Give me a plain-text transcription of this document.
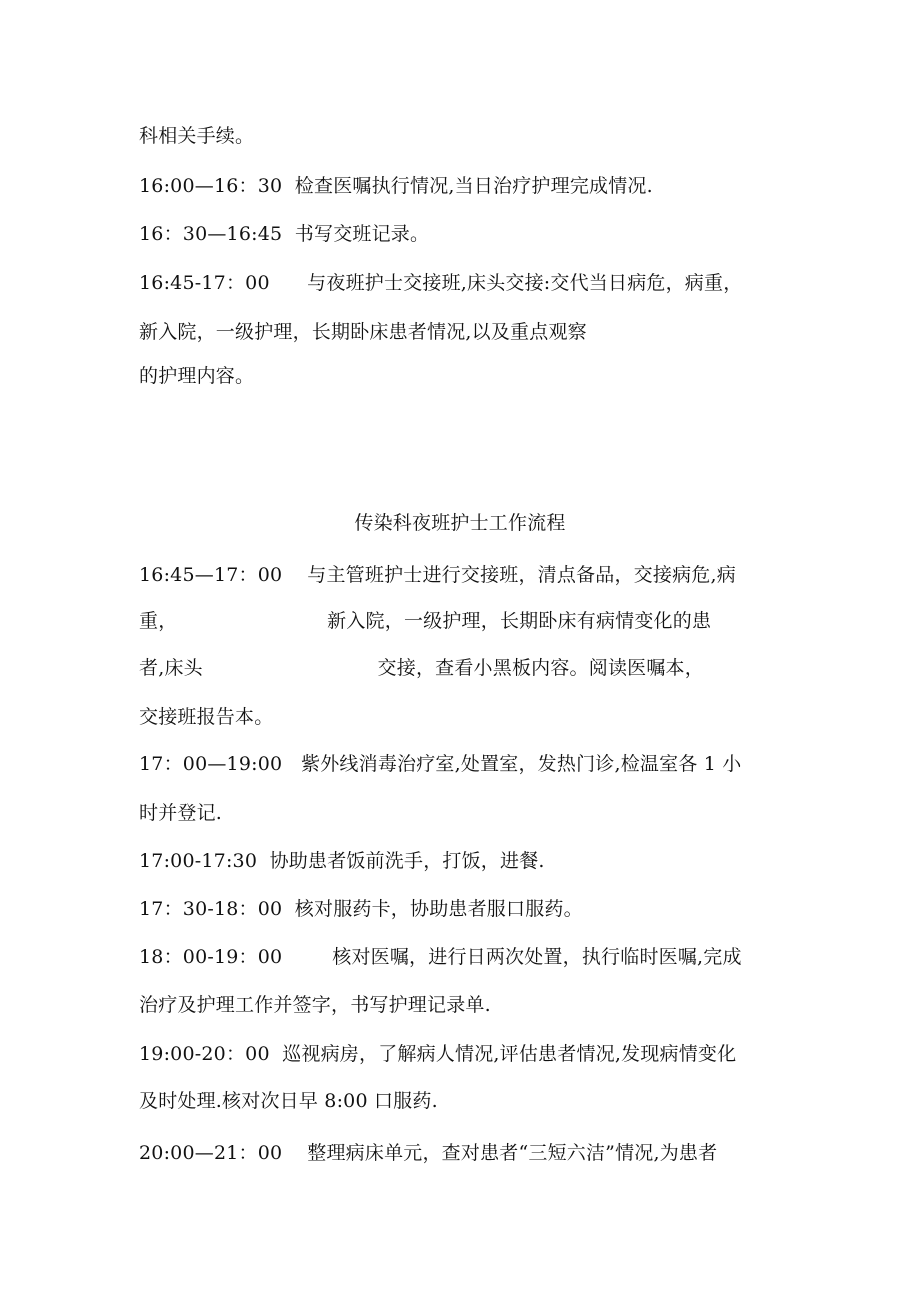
科相关手续。
16:00—16：30  检查医嘱执行情况,当日治疗护理完成情况.
16：30—16:45  书写交班记录。
16:45-17：00      与夜班护士交接班,床头交接:交代当日病危，病重，
新入院，一级护理，长期卧床患者情况,以及重点观察
的护理内容。
传染科夜班护士工作流程
16:45—17：00    与主管班护士进行交接班，清点备品，交接病危,病
重，                        新入院，一级护理，长期卧床有病情变化的患
者,床头                            交接，查看小黑板内容。阅读医嘱本，
交接班报告本。
17：00—19:00   紫外线消毒治疗室,处置室，发热门诊,检温室各 1 小
时并登记.
17:00-17:30  协助患者饭前洗手，打饭，进餐.
17：30-18：00  核对服药卡，协助患者服口服药。
18：00-19：00        核对医嘱，进行日两次处置，执行临时医嘱,完成
治疗及护理工作并签字，书写护理记录单.
19:00-20：00  巡视病房，了解病人情况,评估患者情况,发现病情变化
及时处理.核对次日早 8:00 口服药.
20:00—21：00    整理病床单元，查对患者“三短六洁”情况,为患者
